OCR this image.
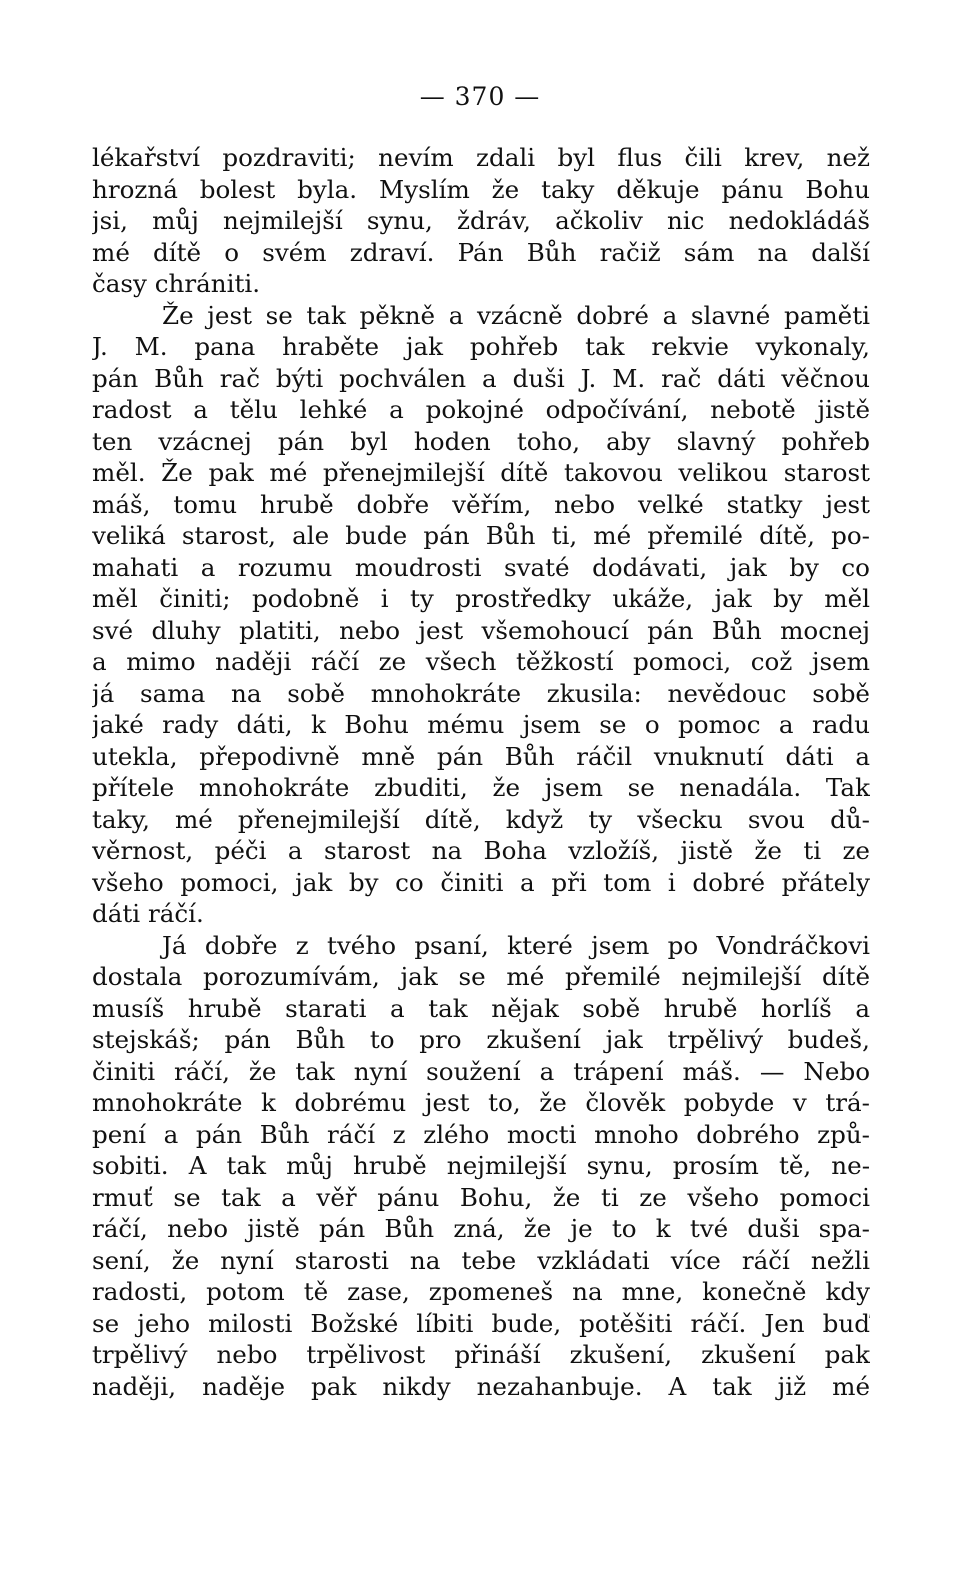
— 370 —
lékařství pozdraviti; nevím zdali byl flus čili krev, než
hrozná bolest byla. Myslím že taky děkuje pánu Bohu
jsi, můj nejmilejší synu, ždráv, ačkoliv nic nedokládáš
mé dítě o svém zdraví. Pán Bůh račiž sám na další
časy chrániti.
Že jest se tak pěkně a vzácně dobré a slavné paměti
J. M. pana hraběte jak pohřeb tak rekvie vykonaly,
pán Bůh rač býti pochválen a duši J. M. rač dáti věčnou
radost a tělu lehké a pokojné odpočívání, nebotě jistě
ten vzácnej pán byl hoden toho, aby slavný pohřeb
měl. Že pak mé přenejmilejší dítě takovou velikou starost
máš, tomu hrubě dobře věřím, nebo velké statky jest
veliká starost, ale bude pán Bůh ti, mé přemilé dítě, po-
mahati a rozumu moudrosti svaté dodávati, jak by co
měl činiti; podobně i ty prostředky ukáže, jak by měl
své dluhy platiti, nebo jest všemohoucí pán Bůh mocnej
a mimo naději ráčí ze všech těžkostí pomoci, což jsem
já sama na sobě mnohokráte zkusila: nevědouc sobě
jaké rady dáti, k Bohu mému jsem se o pomoc a radu
utekla, přepodivně mně pán Bůh ráčil vnuknutí dáti a
přítele mnohokráte zbuditi, že jsem se nenadála. Tak
taky, mé přenejmilejší dítě, když ty všecku svou dů-
věrnost, péči a starost na Boha vzložíš, jistě že ti ze
všeho pomoci, jak by co činiti a při tom i dobré přátely
dáti ráčí.
Já dobře z tvého psaní, které jsem po Vondráčkovi
dostala porozumívám, jak se mé přemilé nejmilejší dítě
musíš hrubě starati a tak nějak sobě hrubě horlíš a
stejskáš; pán Bůh to pro zkušení jak trpělivý budeš,
činiti ráčí, že tak nyní soužení a trápení máš. — Nebo
mnohokráte k dobrému jest to, že člověk pobyde v trá-
pení a pán Bůh ráčí z zlého mocti mnoho dobrého způ-
sobiti. A tak můj hrubě nejmilejší synu, prosím tě, ne-
rmuť se tak a věř pánu Bohu, že ti ze všeho pomoci
ráčí, nebo jistě pán Bůh zná, že je to k tvé duši spa-
sení, že nyní starosti na tebe vzkládati více ráčí nežli
radosti, potom tě zase, zpomeneš na mne, konečně kdy
se jeho milosti Božské líbiti bude, potěšiti ráčí. Jen buď
trpělivý nebo trpělivost přináší zkušení, zkušení pak
naději, naděje pak nikdy nezahanbuje. A tak již mé
